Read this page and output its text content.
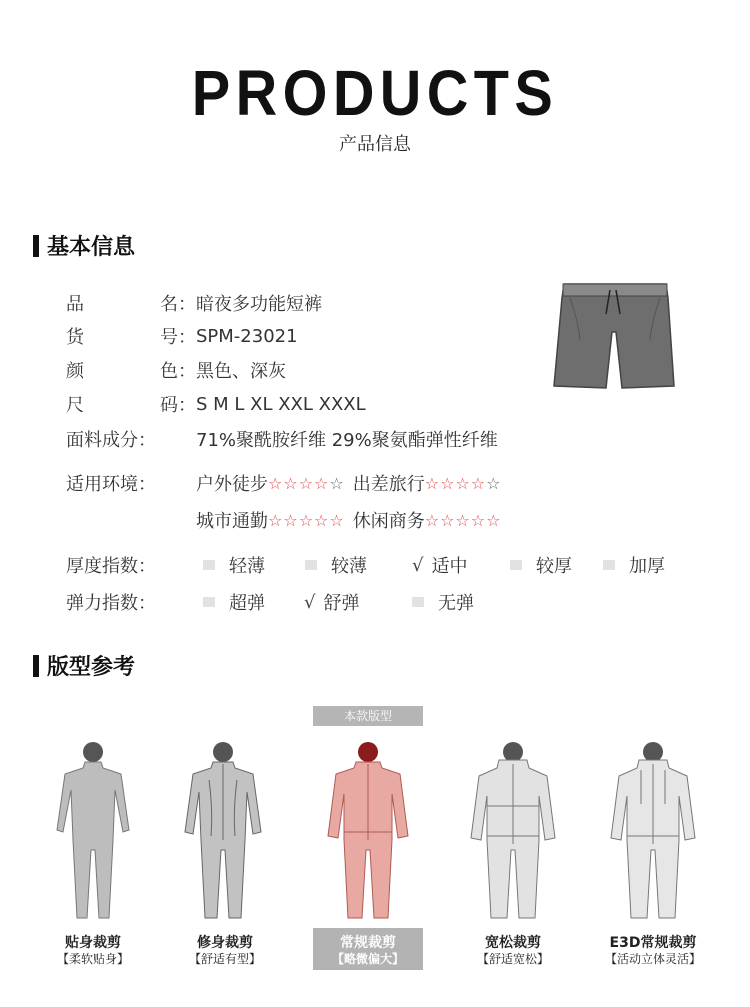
PRODUCTS
产品信息
基本信息
品	名： 暗夜多功能短裤
货	号： SPM-23021
颜	色： 黑色、深灰
尺	码： S M L XL XXL XXXL
面料成分：	71%聚酰胺纤维 29%聚氨酯弹性纤维
适用环境：	户外徒步 ☆☆☆☆ ☆ 出差旅行 ☆☆☆☆ ☆
城市通勤 ☆☆☆☆☆ 休闲商务 ☆☆☆☆☆
厚度指数：	轻薄	较薄	√ 适中	较厚	加厚
弹力指数：	超弹 √ 舒弹	无弹
版型参考
本款版型
贴身裁剪
【柔软贴身】
修身裁剪
【舒适有型】
常规裁剪
【略微偏大】
宽松裁剪
【舒适宽松】
E3D常规裁剪
【活动立体灵活】
